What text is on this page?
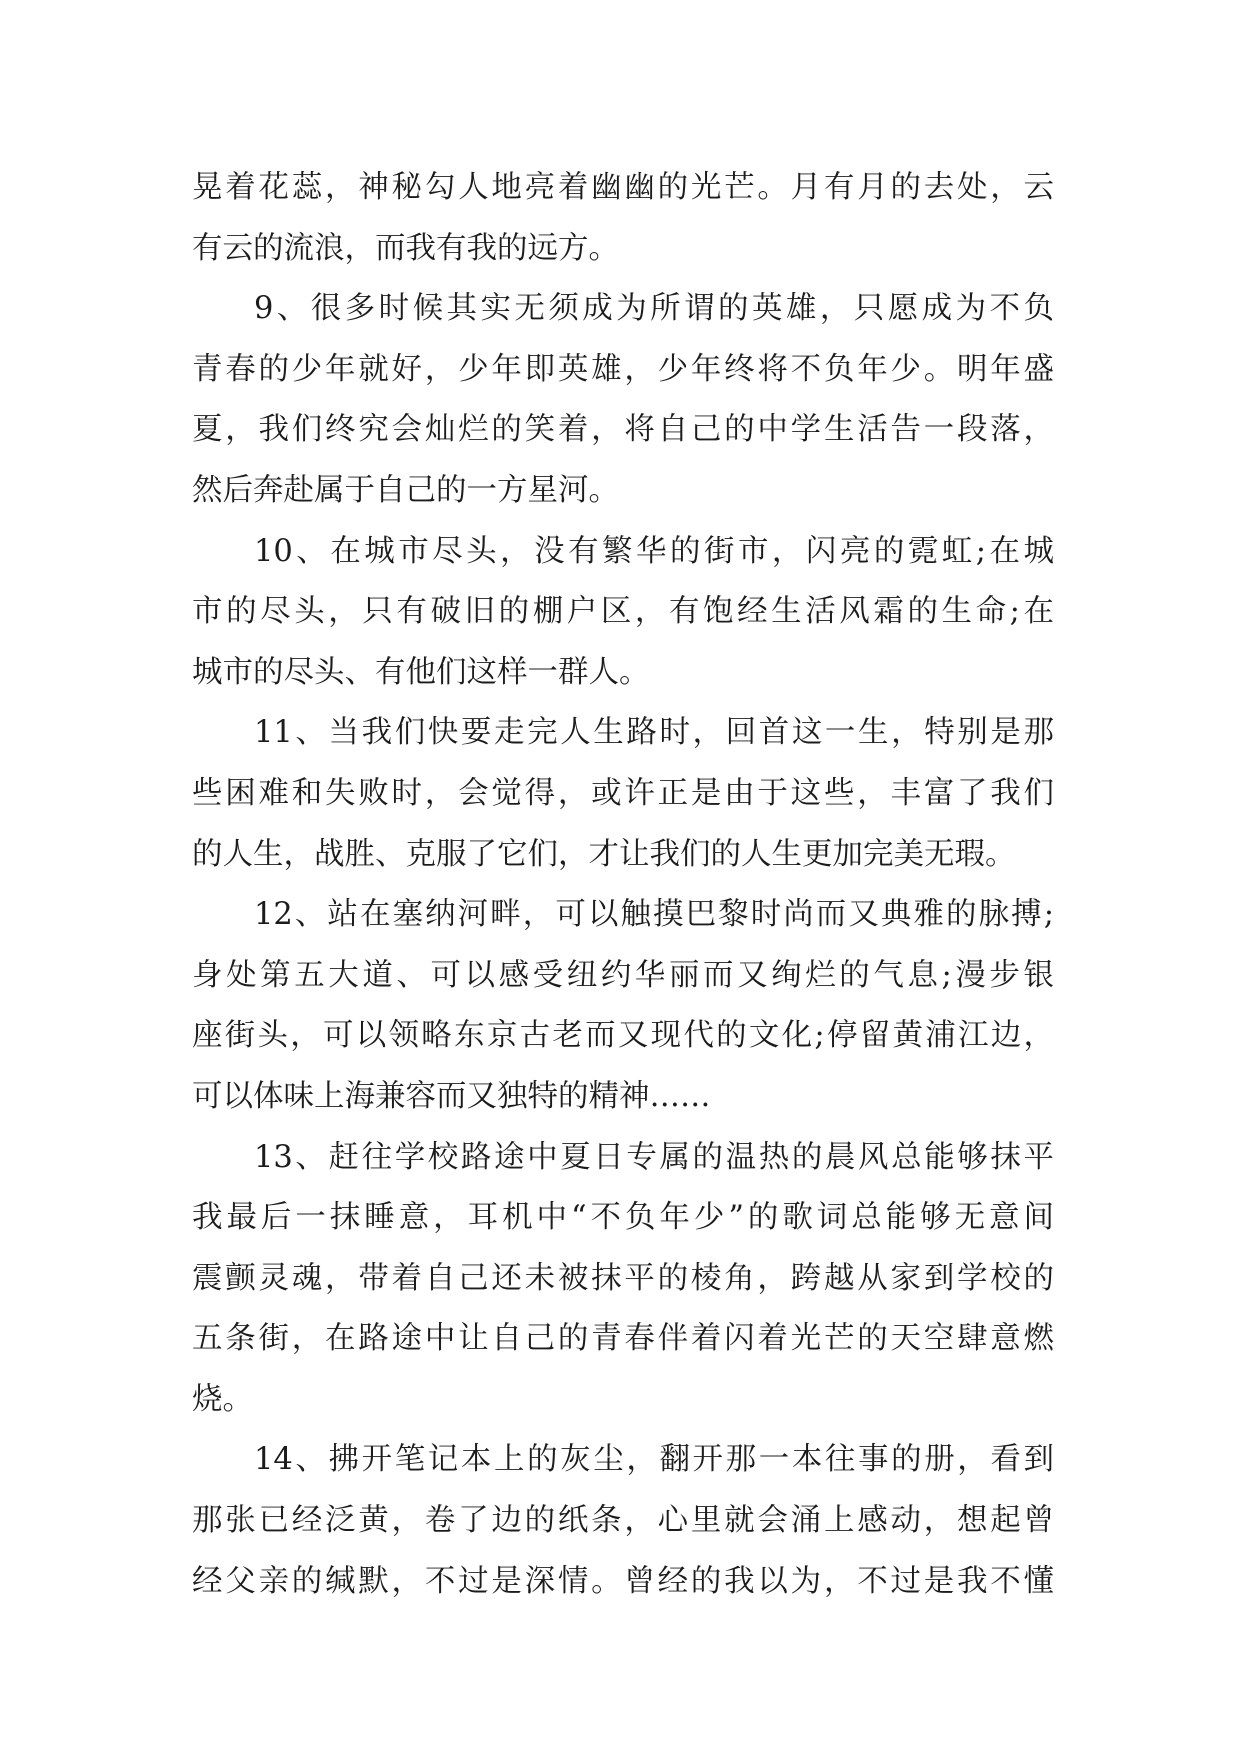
晃着花蕊，神秘勾人地亮着幽幽的光芒。月有月的去处，云
有云的流浪，而我有我的远方。
9、很多时候其实无须成为所谓的英雄，只愿成为不负
青春的少年就好，少年即英雄，少年终将不负年少。明年盛
夏，我们终究会灿烂的笑着，将自己的中学生活告一段落，
然后奔赴属于自己的一方星河。
10、在城市尽头，没有繁华的街市，闪亮的霓虹;在城
市的尽头，只有破旧的棚户区，有饱经生活风霜的生命;在
城市的尽头、有他们这样一群人。
11、当我们快要走完人生路时，回首这一生，特别是那
些困难和失败时，会觉得，或许正是由于这些，丰富了我们
的人生，战胜、克服了它们，才让我们的人生更加完美无瑕。
12、站在塞纳河畔，可以触摸巴黎时尚而又典雅的脉搏;
身处第五大道、可以感受纽约华丽而又绚烂的气息;漫步银
座街头，可以领略东京古老而又现代的文化;停留黄浦江边，
可以体味上海兼容而又独特的精神……
13、赶往学校路途中夏日专属的温热的晨风总能够抹平
我最后一抹睡意，耳机中“不负年少”的歌词总能够无意间
震颤灵魂，带着自己还未被抹平的棱角，跨越从家到学校的
五条街，在路途中让自己的青春伴着闪着光芒的天空肆意燃
烧。
14、拂开笔记本上的灰尘，翻开那一本往事的册，看到
那张已经泛黄，卷了边的纸条，心里就会涌上感动，想起曾
经父亲的缄默，不过是深情。曾经的我以为，不过是我不懂
